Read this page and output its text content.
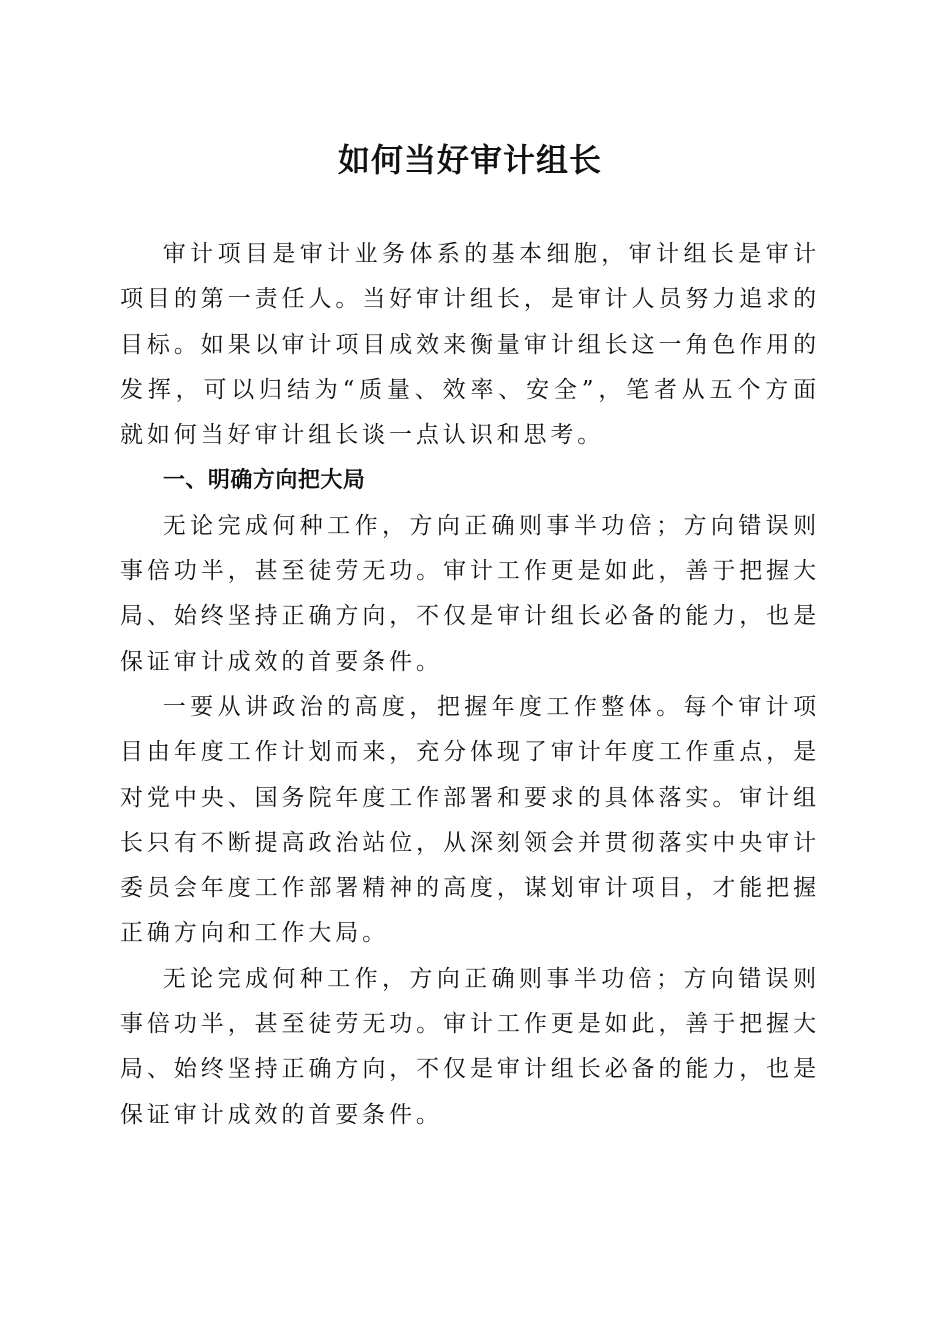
如何当好审计组长

审计项目是审计业务体系的基本细胞，审计组长是审计项目的第一责任人。当好审计组长，是审计人员努力追求的目标。如果以审计项目成效来衡量审计组长这一角色作用的发挥，可以归结为“质量、效率、安全”，笔者从五个方面就如何当好审计组长谈一点认识和思考。

一、明确方向把大局

无论完成何种工作，方向正确则事半功倍；方向错误则事倍功半，甚至徒劳无功。审计工作更是如此，善于把握大局、始终坚持正确方向，不仅是审计组长必备的能力，也是保证审计成效的首要条件。

一要从讲政治的高度，把握年度工作整体。每个审计项目由年度工作计划而来，充分体现了审计年度工作重点，是对党中央、国务院年度工作部署和要求的具体落实。审计组长只有不断提高政治站位，从深刻领会并贯彻落实中央审计委员会年度工作部署精神的高度，谋划审计项目，才能把握正确方向和工作大局。

无论完成何种工作，方向正确则事半功倍；方向错误则事倍功半，甚至徒劳无功。审计工作更是如此，善于把握大局、始终坚持正确方向，不仅是审计组长必备的能力，也是保证审计成效的首要条件。
